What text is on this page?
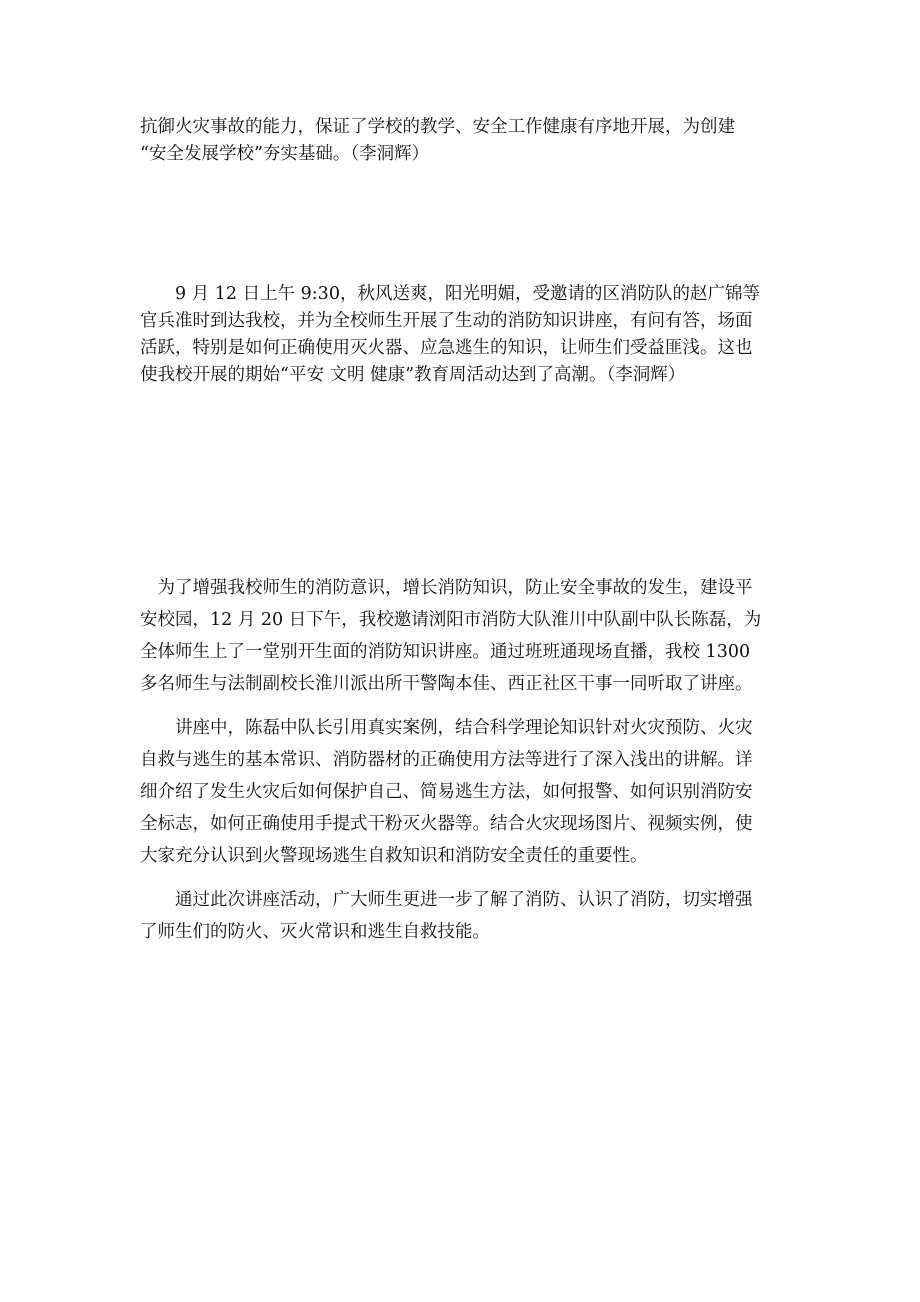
抗御火灾事故的能力，保证了学校的教学、安全工作健康有序地开展，为创建
“安全发展学校”夯实基础。（李洞辉）
　　9 月 12 日上午 9:30，秋风送爽，阳光明媚，受邀请的区消防队的赵广锦等
官兵准时到达我校，并为全校师生开展了生动的消防知识讲座，有问有答，场面
活跃，特别是如何正确使用灭火器、应急逃生的知识，让师生们受益匪浅。这也
使我校开展的期始“平安 文明 健康”教育周活动达到了高潮。（李洞辉）
　为了增强我校师生的消防意识，增长消防知识，防止安全事故的发生，建设平
安校园，12 月 20 日下午，我校邀请浏阳市消防大队淮川中队副中队长陈磊，为
全体师生上了一堂别开生面的消防知识讲座。通过班班通现场直播，我校 1300
多名师生与法制副校长淮川派出所干警陶本佳、西正社区干事一同听取了讲座。
　　讲座中，陈磊中队长引用真实案例，结合科学理论知识针对火灾预防、火灾
自救与逃生的基本常识、消防器材的正确使用方法等进行了深入浅出的讲解。详
细介绍了发生火灾后如何保护自己、简易逃生方法，如何报警、如何识别消防安
全标志，如何正确使用手提式干粉灭火器等。结合火灾现场图片、视频实例，使
大家充分认识到火警现场逃生自救知识和消防安全责任的重要性。
　　通过此次讲座活动，广大师生更进一步了解了消防、认识了消防，切实增强
了师生们的防火、灭火常识和逃生自救技能。
